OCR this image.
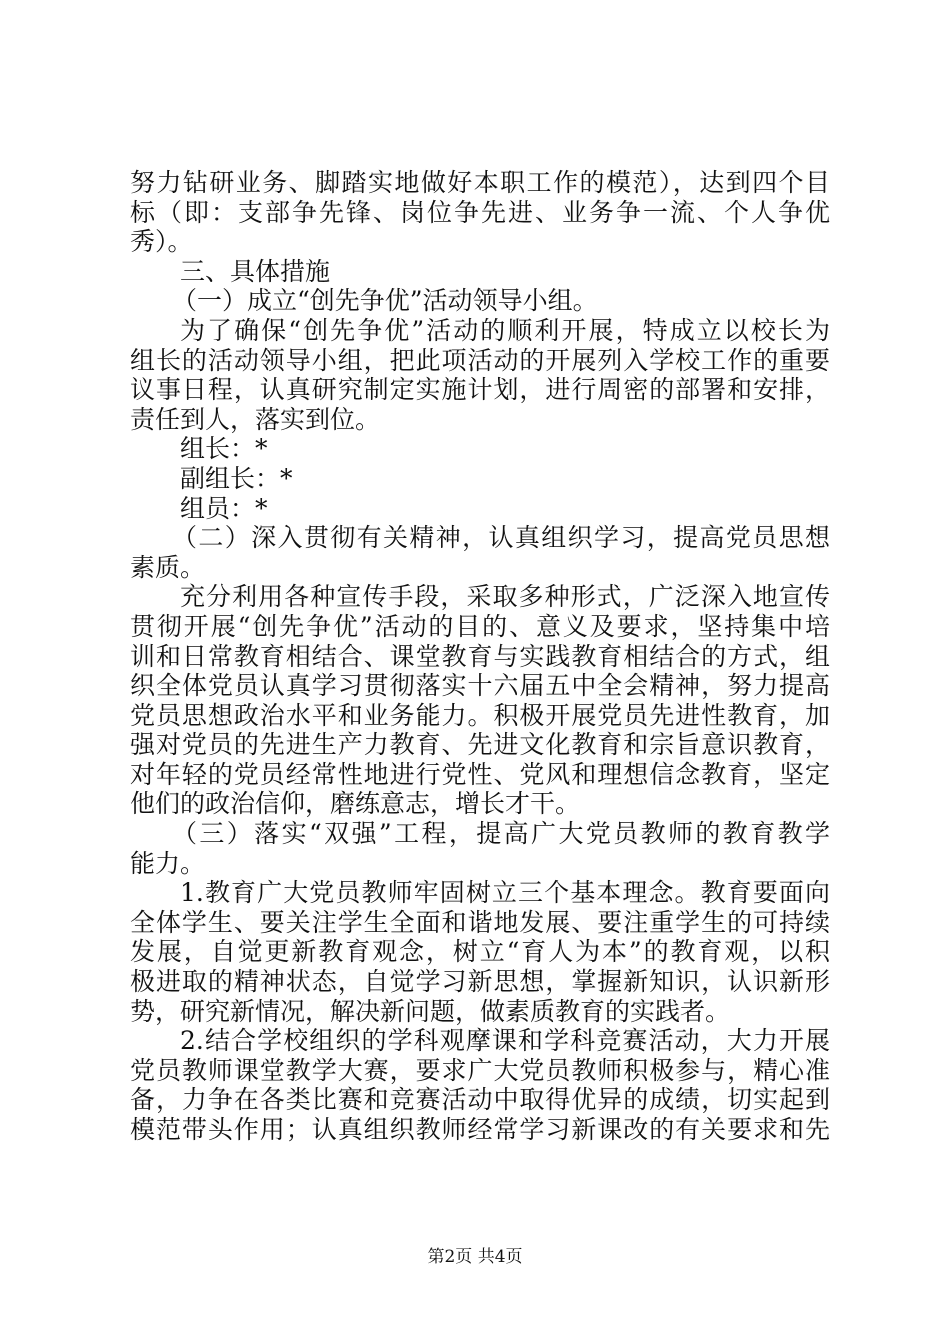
努力钻研业务、脚踏实地做好本职工作的模范），达到四个目
标（即：支部争先锋、岗位争先进、业务争一流、个人争优
秀）。
三、具体措施
（一）成立“创先争优”活动领导小组。
为了确保“创先争优”活动的顺利开展，特成立以校长为
组长的活动领导小组，把此项活动的开展列入学校工作的重要
议事日程，认真研究制定实施计划，进行周密的部署和安排，
责任到人，落实到位。
组长：*
副组长：*
组员：*
（二）深入贯彻有关精神，认真组织学习，提高党员思想
素质。
充分利用各种宣传手段，采取多种形式，广泛深入地宣传
贯彻开展“创先争优”活动的目的、意义及要求，坚持集中培
训和日常教育相结合、课堂教育与实践教育相结合的方式，组
织全体党员认真学习贯彻落实十六届五中全会精神，努力提高
党员思想政治水平和业务能力。积极开展党员先进性教育，加
强对党员的先进生产力教育、先进文化教育和宗旨意识教育，
对年轻的党员经常性地进行党性、党风和理想信念教育，坚定
他们的政治信仰，磨练意志，增长才干。
（三）落实“双强”工程，提高广大党员教师的教育教学
能力。
1.教育广大党员教师牢固树立三个基本理念。教育要面向
全体学生、要关注学生全面和谐地发展、要注重学生的可持续
发展，自觉更新教育观念，树立“育人为本”的教育观，以积
极进取的精神状态，自觉学习新思想，掌握新知识，认识新形
势，研究新情况，解决新问题，做素质教育的实践者。
2.结合学校组织的学科观摩课和学科竞赛活动，大力开展
党员教师课堂教学大赛，要求广大党员教师积极参与，精心准
备，力争在各类比赛和竞赛活动中取得优异的成绩，切实起到
模范带头作用；认真组织教师经常学习新课改的有关要求和先
第2页 共4页
